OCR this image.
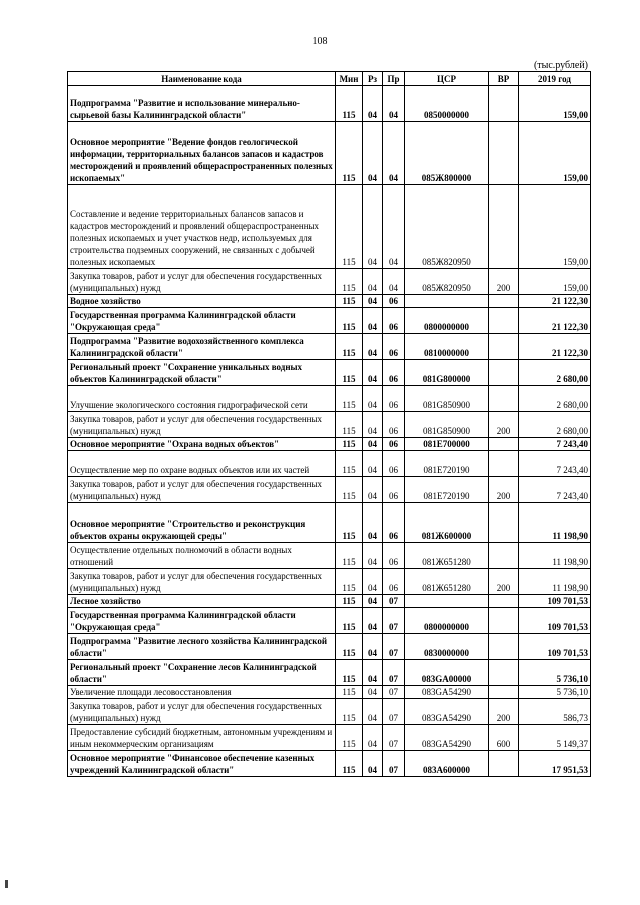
108
(тыс.рублей)
Наименование кода	Мин	Рз	Пр	ЦСР	ВР	2019 год
Подпрограмма "Развитие и использование минерально-сырьевой базы Калининградской области"	115	04	04	0850000000		159,00
Основное мероприятие "Ведение фондов геологической информации, территориальных балансов запасов и кадастров месторождений и проявлений общераспространенных полезных ископаемых"	115	04	04	085Ж800000		159,00
Составление и ведение территориальных балансов запасов и кадастров месторождений и проявлений общераспространенных полезных ископаемых и учет участков недр, используемых для строительства подземных сооружений, не связанных с добычей полезных ископаемых	115	04	04	085Ж820950		159,00
Закупка товаров, работ и услуг для обеспечения государственных (муниципальных) нужд	115	04	04	085Ж820950	200	159,00
Водное хозяйство	115	04	06			21 122,30
Государственная программа Калининградской области "Окружающая среда"	115	04	06	0800000000		21 122,30
Подпрограмма "Развитие водохозяйственного комплекса Калининградской области"	115	04	06	0810000000		21 122,30
Региональный проект "Сохранение уникальных водных объектов Калининградской области"	115	04	06	081G800000		2 680,00
Улучшение экологического состояния гидрографической сети	115	04	06	081G850900		2 680,00
Закупка товаров, работ и услуг для обеспечения государственных (муниципальных) нужд	115	04	06	081G850900	200	2 680,00
Основное мероприятие "Охрана водных объектов"	115	04	06	081Е700000		7 243,40
Осуществление мер по охране водных объектов или их частей	115	04	06	081Е720190		7 243,40
Закупка товаров, работ и услуг для обеспечения государственных (муниципальных) нужд	115	04	06	081Е720190	200	7 243,40
Основное мероприятие "Строительство и реконструкция объектов охраны окружающей среды"	115	04	06	081Ж600000		11 198,90
Осуществление отдельных полномочий в области водных отношений	115	04	06	081Ж651280		11 198,90
Закупка товаров, работ и услуг для обеспечения государственных (муниципальных) нужд	115	04	06	081Ж651280	200	11 198,90
Лесное хозяйство	115	04	07			109 701,53
Государственная программа Калининградской области "Окружающая среда"	115	04	07	0800000000		109 701,53
Подпрограмма "Развитие лесного хозяйства Калининградской области"	115	04	07	0830000000		109 701,53
Региональный проект "Сохранение лесов Калининградской области"	115	04	07	083GA00000		5 736,10
Увеличение площади лесовосстановления	115	04	07	083GA54290		5 736,10
Закупка товаров, работ и услуг для обеспечения государственных (муниципальных) нужд	115	04	07	083GA54290	200	586,73
Предоставление субсидий бюджетным, автономным учреждениям и иным некоммерческим организациям	115	04	07	083GA54290	600	5 149,37
Основное мероприятие "Финансовое обеспечение казенных учреждений Калининградской области"	115	04	07	083А600000		17 951,53
